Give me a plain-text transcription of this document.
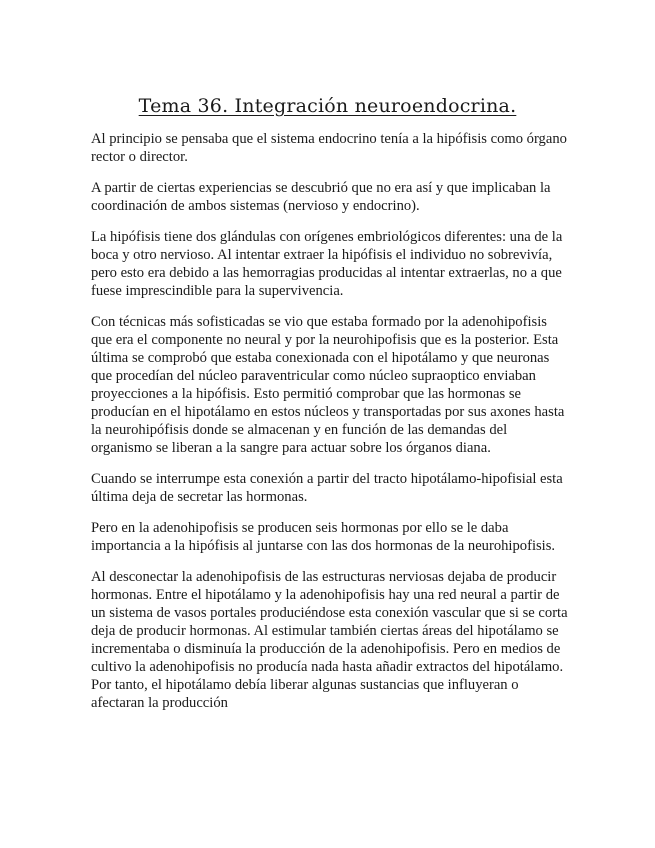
Tema 36. Integración neuroendocrina.

Al principio se pensaba que el sistema endocrino tenía a la hipófisis como órgano rector o director.

A partir de ciertas experiencias se descubrió que no era así y que implicaban la coordinación de ambos sistemas (nervioso y endocrino).

La hipófisis tiene dos glándulas con orígenes embriológicos diferentes: una de la boca y otro nervioso. Al intentar extraer la hipófisis el individuo no sobrevivía, pero esto era debido a las hemorragias producidas al intentar extraerlas, no a que fuese imprescindible para la supervivencia.

Con técnicas más sofisticadas se vio que estaba formado por la adenohipofisis que era el componente no neural y por la neurohipofisis que es la posterior. Esta última se comprobó que estaba conexionada con el hipotálamo y que neuronas que procedían del núcleo paraventricular como núcleo supraoptico enviaban proyecciones a la hipófisis. Esto permitió comprobar que las hormonas se producían en el hipotálamo en estos núcleos y transportadas por sus axones hasta la neurohipófisis donde se almacenan y en función de las demandas del organismo se liberan a la sangre para actuar sobre los órganos diana.

Cuando se interrumpe esta conexión a partir del tracto hipotálamo-hipofisial esta última deja de secretar las hormonas.

Pero en la adenohipofisis se producen seis hormonas por ello se le daba importancia a la hipófisis al juntarse con las dos hormonas de la neurohipofisis.

Al desconectar la adenohipofisis de las estructuras nerviosas dejaba de producir hormonas. Entre el hipotálamo y la adenohipofisis hay una red neural a partir de un sistema de vasos portales produciéndose esta conexión vascular que si se corta deja de producir hormonas. Al estimular también ciertas áreas del hipotálamo se incrementaba o disminuía la producción de la adenohipofisis. Pero en medios de cultivo la adenohipofisis no producía nada hasta añadir extractos del hipotálamo. Por tanto, el hipotálamo debía liberar algunas sustancias que influyeran o afectaran la producción
